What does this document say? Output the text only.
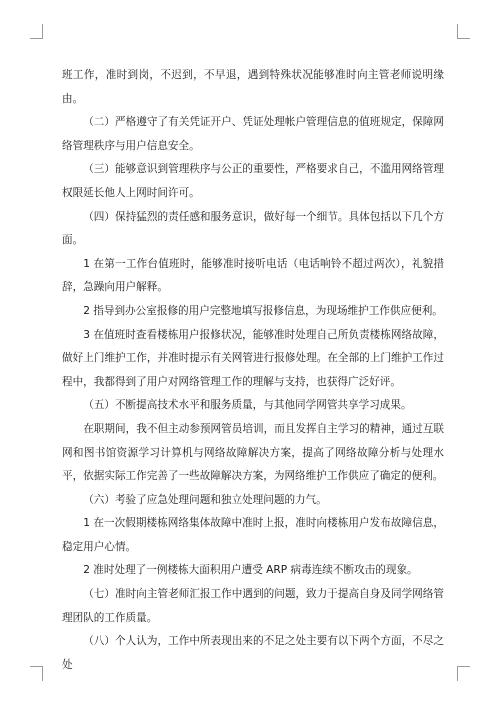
班工作，准时到岗，不迟到，不早退，遇到特殊状况能够准时向主管老师说明缘由。

（二）严格遵守了有关凭证开户、凭证处理帐户管理信息的值班规定，保障网络管理秩序与用户信息安全。

（三）能够意识到管理秩序与公正的重要性，严格要求自己，不滥用网络管理权限延长他人上网时间许可。

（四）保持猛烈的责任感和服务意识，做好每一个细节。具体包括以下几个方面。

1 在第一工作台值班时，能够准时接听电话（电话响铃不超过两次），礼貌措辞，急躁向用户解释。

2 指导到办公室报修的用户完整地填写报修信息，为现场维护工作供应便利。

3 在值班时查看楼栋用户报修状况，能够准时处理自己所负责楼栋网络故障，做好上门维护工作，并准时提示有关网管进行报修处理。在全部的上门维护工作过程中，我都得到了用户对网络管理工作的理解与支持，也获得广泛好评。

（五）不断提高技术水平和服务质量，与其他同学网管共享学习成果。

在职期间，我不但主动参预网管员培训，而且发挥自主学习的精神，通过互联网和图书馆资源学习计算机与网络故障解决方案，提高了网络故障分析与处理水平，依据实际工作完善了一些故障解决方案，为网络维护工作供应了确定的便利。

（六）考验了应急处理问题和独立处理问题的力气。

1 在一次假期楼栋网络集体故障中准时上报，准时向楼栋用户发布故障信息，稳定用户心情。

2 准时处理了一例楼栋大面积用户遭受 ARP 病毒连续不断攻击的现象。

（七）准时向主管老师汇报工作中遇到的问题，致力于提高自身及同学网络管理团队的工作质量。

（八）个人认为，工作中所表现出来的不足之处主要有以下两个方面，不尽之处
